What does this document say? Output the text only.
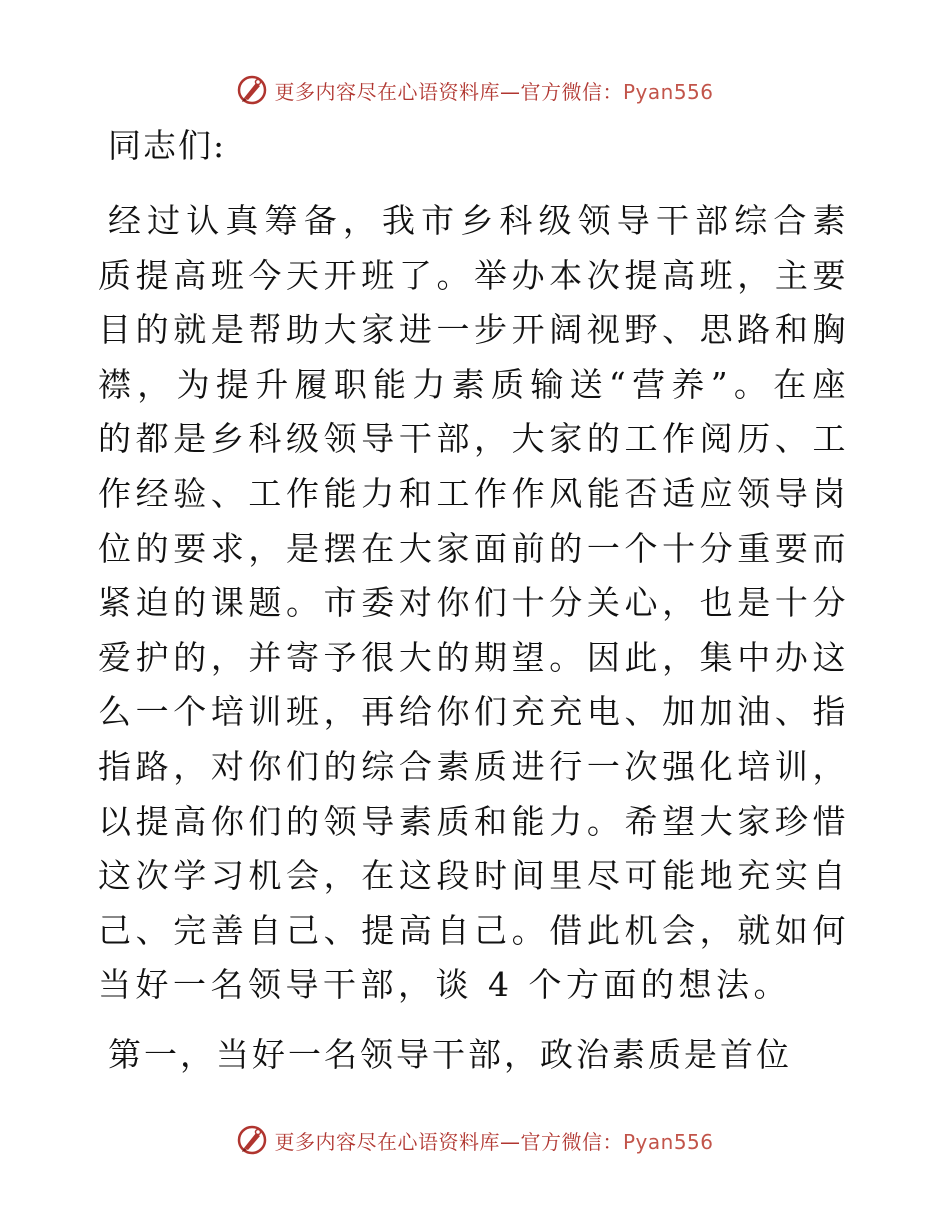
更多内容尽在心语资料库—官方微信：Pyan556

同志们:

经过认真筹备，我市乡科级领导干部综合素质提高班今天开班了。举办本次提高班，主要目的就是帮助大家进一步开阔视野、思路和胸襟，为提升履职能力素质输送“营养”。在座的都是乡科级领导干部，大家的工作阅历、工作经验、工作能力和工作作风能否适应领导岗位的要求，是摆在大家面前的一个十分重要而紧迫的课题。市委对你们十分关心，也是十分爱护的，并寄予很大的期望。因此，集中办这么一个培训班，再给你们充充电、加加油、指指路，对你们的综合素质进行一次强化培训，以提高你们的领导素质和能力。希望大家珍惜这次学习机会，在这段时间里尽可能地充实自己、完善自己、提高自己。借此机会，就如何当好一名领导干部，谈 4 个方面的想法。

第一，当好一名领导干部，政治素质是首位

更多内容尽在心语资料库—官方微信：Pyan556
